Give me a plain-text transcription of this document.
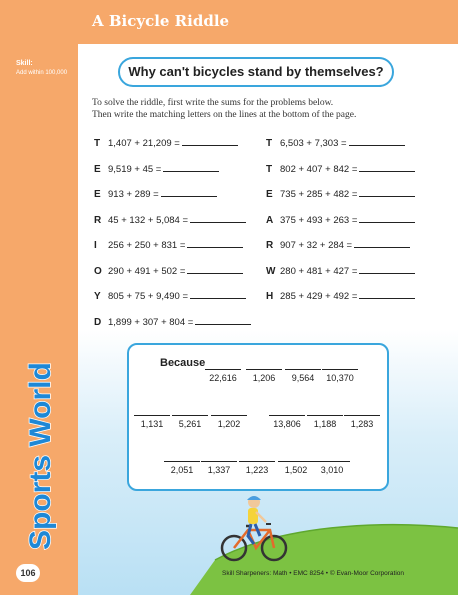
A Bicycle Riddle
Skill:
Add within 100,000
Sports World
106
Why can't bicycles stand by themselves?
To solve the riddle, first write the sums for the problems below.
Then write the matching letters on the lines at the bottom of the page.
T 1,407 + 21,209 =
E 9,519 + 45 =
E 913 + 289 =
R 45 + 132 + 5,084 =
I 256 + 250 + 831 =
O 290 + 491 + 502 =
Y 805 + 75 + 9,490 =
D 1,899 + 307 + 804 =
T 6,503 + 7,303 =
T 802 + 407 + 842 =
E 735 + 285 + 482 =
A 375 + 493 + 263 =
R 907 + 32 + 284 =
W 280 + 481 + 427 =
H 285 + 429 + 492 =
Because
22,616	1,206	9,564	10,370
1,131	5,261	1,202	13,806	1,188	1,283
2,051	1,337	1,223	1,502	3,010
Skill Sharpeners: Math • EMC 8254 • © Evan-Moor Corporation
